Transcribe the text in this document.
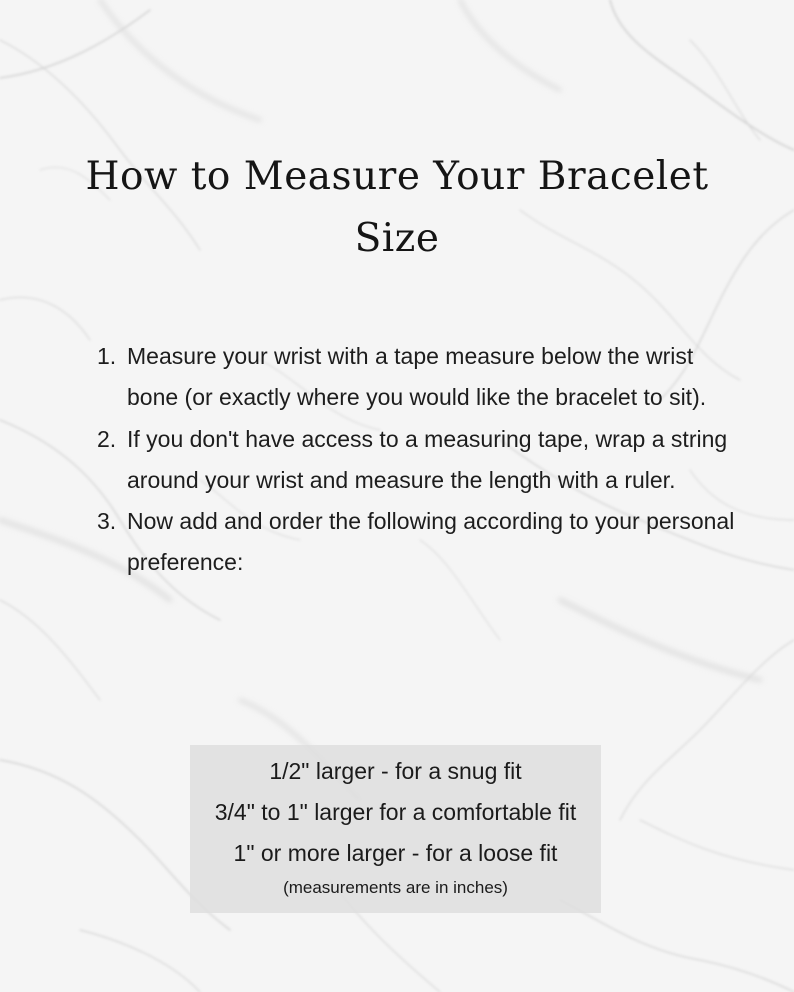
How to Measure Your Bracelet Size
1. Measure your wrist with a tape measure below the wrist bone (or exactly where you would like the bracelet to sit).
2. If you don't have access to a measuring tape, wrap a string around your wrist and measure the length with a ruler.
3. Now add and order the following according to your personal preference:
1/2" larger - for a snug fit
3/4" to 1" larger for a comfortable fit
1" or more larger - for a loose fit
(measurements are in inches)
